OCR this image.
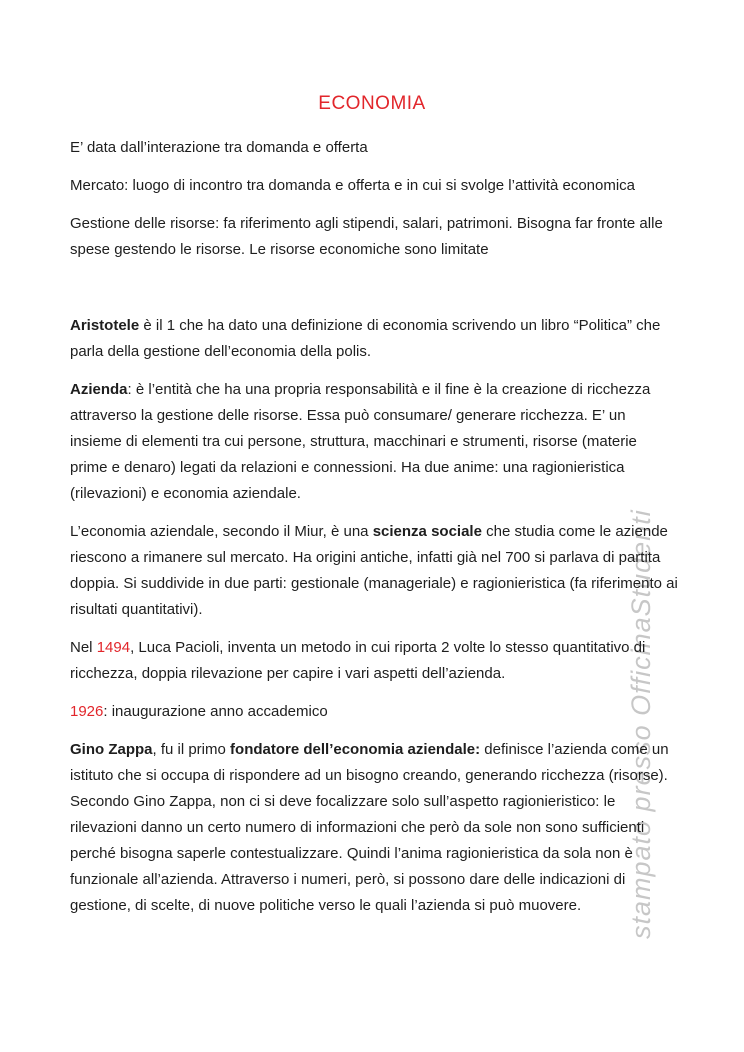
stampato presso OfficinaStudenti
ECONOMIA

E’ data dall’interazione tra domanda e offerta

Mercato: luogo di incontro tra domanda e offerta e in cui si svolge l’attività economica

Gestione delle risorse: fa riferimento agli stipendi, salari, patrimoni. Bisogna far fronte alle spese gestendo le risorse. Le risorse economiche sono limitate

Aristotele è il 1 che ha dato una definizione di economia scrivendo un libro “Politica” che parla della gestione dell’economia della polis.

Azienda: è l’entità che ha una propria responsabilità e il fine è la creazione di ricchezza attraverso la gestione delle risorse. Essa può consumare/ generare ricchezza. E’ un insieme di elementi tra cui persone, struttura, macchinari e strumenti, risorse (materie prime e denaro) legati da relazioni e connessioni. Ha due anime: una ragionieristica (rilevazioni) e economia aziendale.

L’economia aziendale, secondo il Miur, è una scienza sociale che studia come le aziende riescono a rimanere sul mercato. Ha origini antiche, infatti già nel 700 si parlava di partita doppia. Si suddivide in due parti: gestionale (manageriale) e ragionieristica (fa riferimento ai risultati quantitativi).

Nel 1494, Luca Pacioli, inventa un metodo in cui riporta 2 volte lo stesso quantitativo di ricchezza, doppia rilevazione per capire i vari aspetti dell’azienda.

1926: inaugurazione anno accademico

Gino Zappa, fu il primo fondatore dell’economia aziendale: definisce l’azienda come un istituto che si occupa di rispondere ad un bisogno creando, generando ricchezza (risorse). Secondo Gino Zappa, non ci si deve focalizzare solo sull’aspetto ragionieristico: le rilevazioni danno un certo numero di informazioni che però da sole non sono sufficienti perché bisogna saperle contestualizzare. Quindi l’anima ragionieristica da sola non è funzionale all’azienda. Attraverso i numeri, però, si possono dare delle indicazioni di gestione, di scelte, di nuove politiche verso le quali l’azienda si può muovere.
